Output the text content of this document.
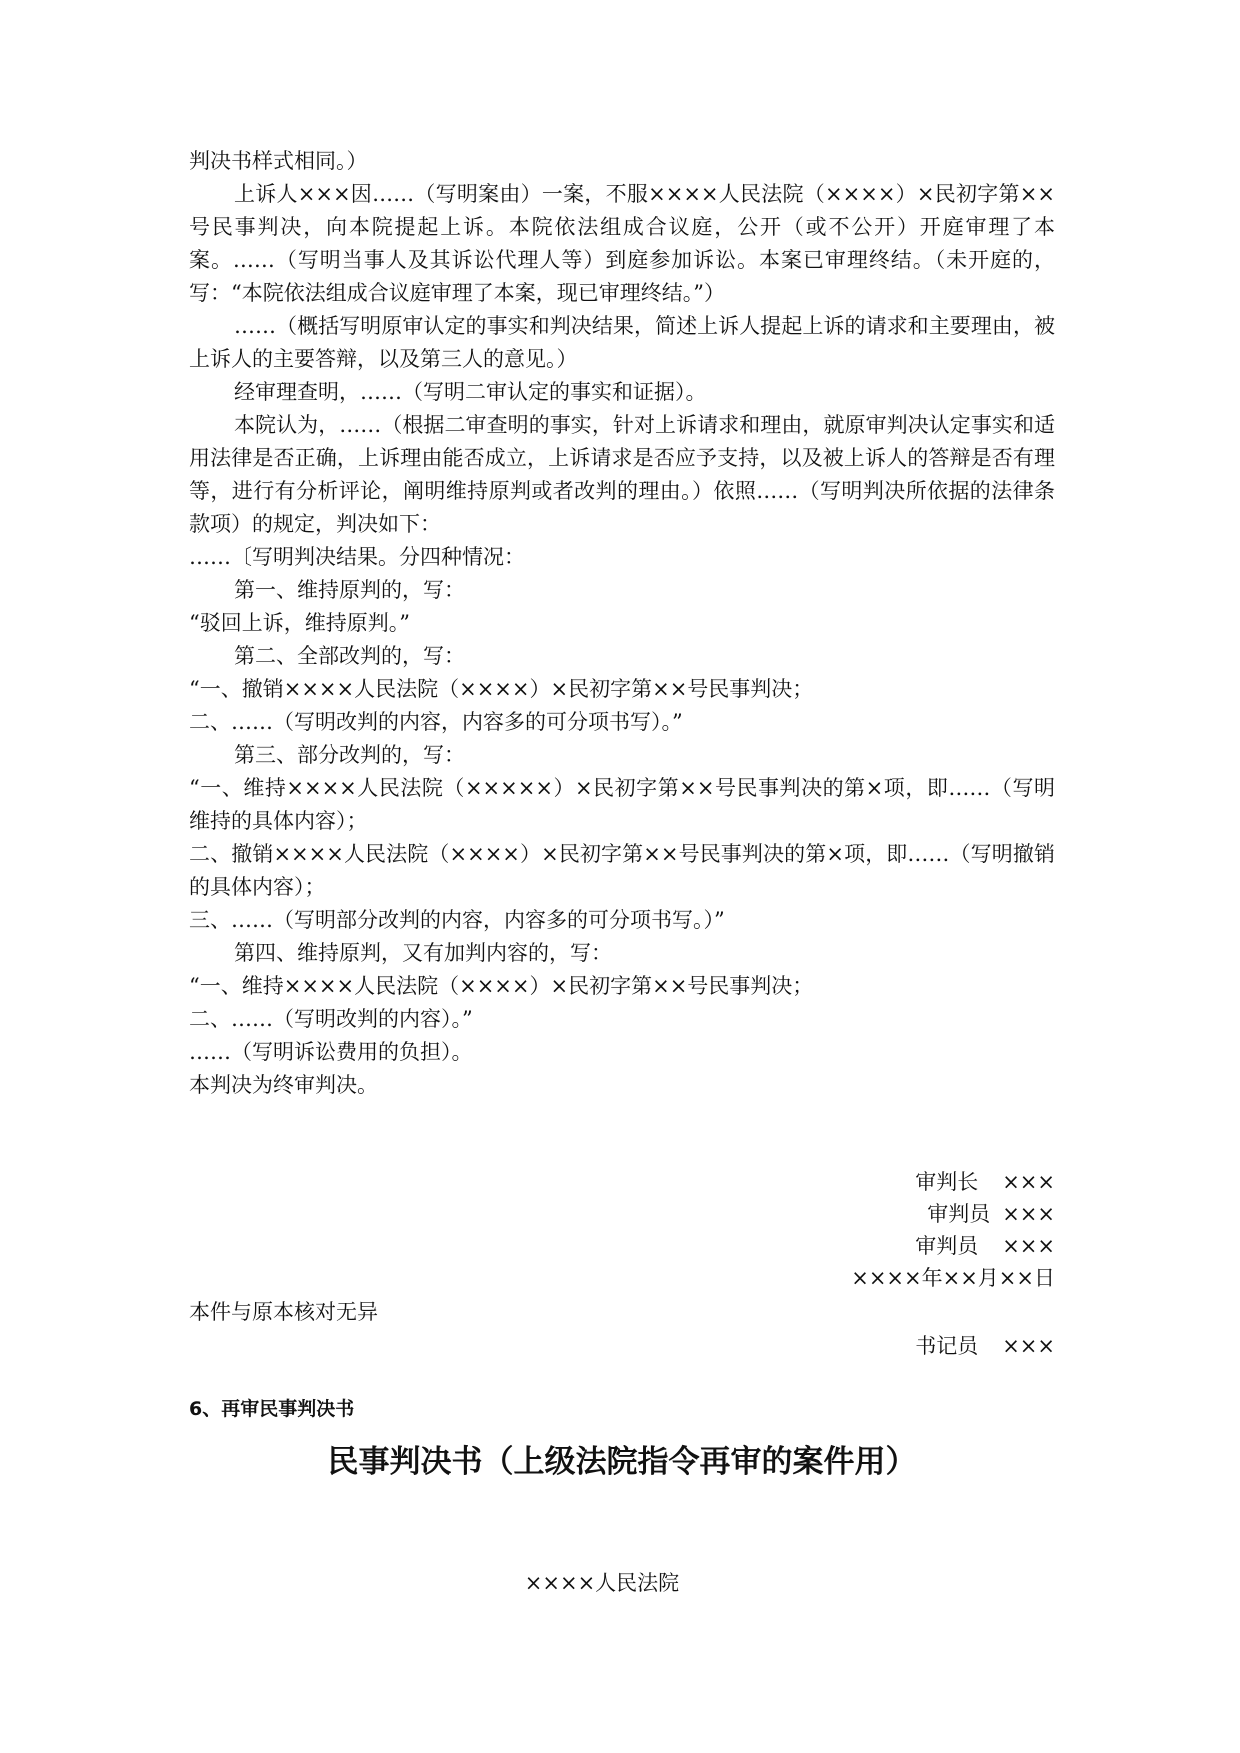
判决书样式相同。）

上诉人×××因……（写明案由）一案，不服××××人民法院（××××）×民初字第××号民事判决，向本院提起上诉。本院依法组成合议庭，公开（或不公开）开庭审理了本案。……（写明当事人及其诉讼代理人等）到庭参加诉讼。本案已审理终结。（未开庭的，写：“本院依法组成合议庭审理了本案，现已审理终结。”）

……（概括写明原审认定的事实和判决结果，简述上诉人提起上诉的请求和主要理由，被上诉人的主要答辩，以及第三人的意见。）

经审理查明，……（写明二审认定的事实和证据）。

本院认为，……（根据二审查明的事实，针对上诉请求和理由，就原审判决认定事实和适用法律是否正确，上诉理由能否成立，上诉请求是否应予支持，以及被上诉人的答辩是否有理等，进行有分析评论，阐明维持原判或者改判的理由。）依照……（写明判决所依据的法律条款项）的规定，判决如下：

……〔写明判决结果。分四种情况：

第一、维持原判的，写：

“驳回上诉，维持原判。”

第二、全部改判的，写：

“一、撤销××××人民法院（××××）×民初字第××号民事判决；

二、……（写明改判的内容，内容多的可分项书写）。”

第三、部分改判的，写：

“一、维持××××人民法院（×××××）×民初字第××号民事判决的第×项，即……（写明维持的具体内容）；

二、撤销××××人民法院（××××）×民初字第××号民事判决的第×项，即……（写明撤销的具体内容）；

三、……（写明部分改判的内容，内容多的可分项书写。）”

第四、维持原判，又有加判内容的，写：

“一、维持××××人民法院（××××）×民初字第××号民事判决；

二、……（写明改判的内容）。”

……（写明诉讼费用的负担）。

本判决为终审判决。

审判长 ×××

审判员 ×××

审判员 ×××

××××年××月××日

本件与原本核对无异
书记员 ×××
6、再审民事判决书
民事判决书（上级法院指令再审的案件用）
××××人民法院
